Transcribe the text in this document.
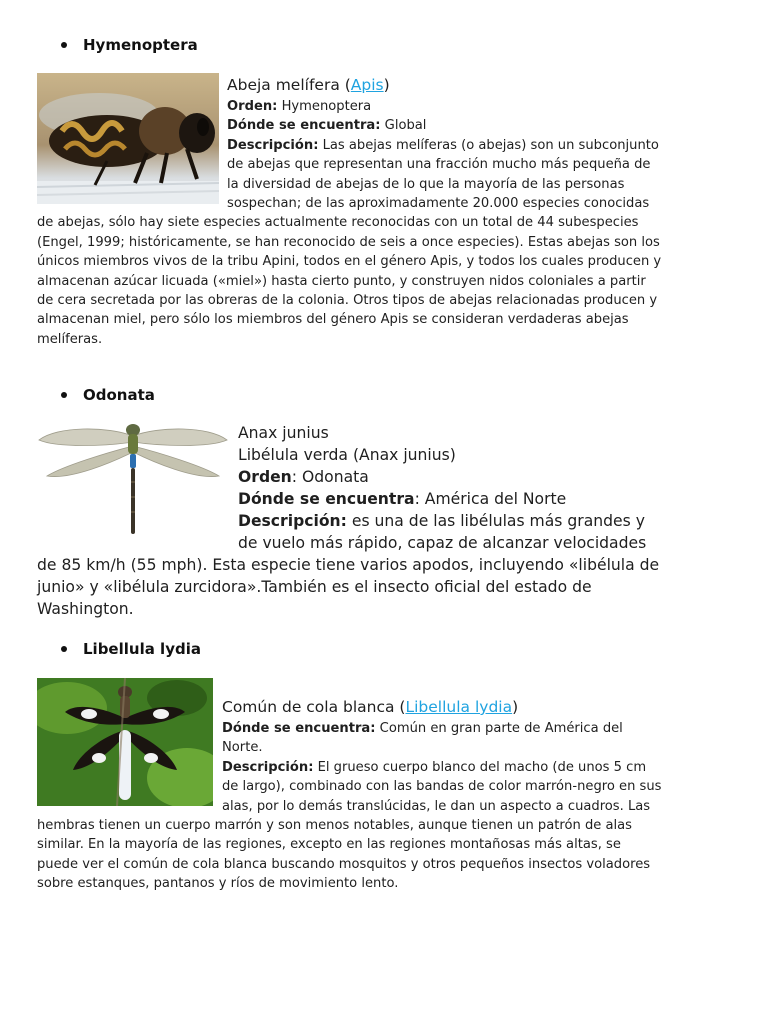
Hymenoptera

Abeja melífera (Apis)

Orden: Hymenoptera

Dónde se encuentra: Global

Descripción: Las abejas melíferas (o abejas) son un subconjunto de abejas que representan una fracción mucho más pequeña de la diversidad de abejas de lo que la mayoría de las personas sospechan; de las aproximadamente 20.000 especies conocidas de abejas, sólo hay siete especies actualmente reconocidas con un total de 44 subespecies (Engel, 1999; históricamente, se han reconocido de seis a once especies). Estas abejas son los únicos miembros vivos de la tribu Apini, todos en el género Apis, y todos los cuales producen y almacenan azúcar licuada («miel») hasta cierto punto, y construyen nidos coloniales a partir de cera secretada por las obreras de la colonia. Otros tipos de abejas relacionadas producen y almacenan miel, pero sólo los miembros del género Apis se consideran verdaderas abejas melíferas.

Odonata

Anax junius

Libélula verda (Anax junius)

Orden: Odonata

Dónde se encuentra: América del Norte

Descripción: es una de las libélulas más grandes y de vuelo más rápido, capaz de alcanzar velocidades de 85 km/h (55 mph). Esta especie tiene varios apodos, incluyendo «libélula de junio» y «libélula zurcidora».También es el insecto oficial del estado de Washington.

Libellula lydia

Común de cola blanca (Libellula lydia)

Dónde se encuentra: Común en gran parte de América del Norte.

Descripción: El grueso cuerpo blanco del macho (de unos 5 cm de largo), combinado con las bandas de color marrón-negro en sus alas, por lo demás translúcidas, le dan un aspecto a cuadros. Las hembras tienen un cuerpo marrón y son menos notables, aunque tienen un patrón de alas similar. En la mayoría de las regiones, excepto en las regiones montañosas más altas, se puede ver el común de cola blanca buscando mosquitos y otros pequeños insectos voladores sobre estanques, pantanos y ríos de movimiento lento.
